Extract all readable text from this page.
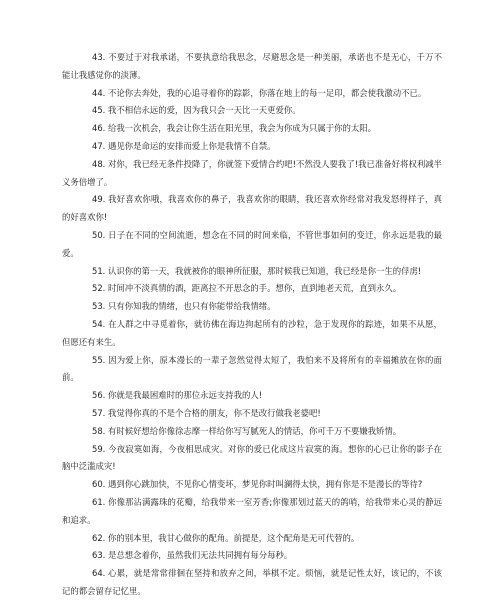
43. 不要过于对我承诺，不要执意给我思念，尽避思念是一种美丽，承诺也不是无心，千万不能让我感觉你的淡薄。

44. 不论你去奔处，我的心追寻着你的踪影，你落在地上的每一足印，都会使我激动不已。

45. 我不相信永远的爱，因为我只会一天比一天更爱你。

46. 给我一次机会，我会让你生活在阳光里，我会为你成为只属于你的太阳。

47. 遇见你是命运的安排而爱上你是我情不自禁。

48. 对你，我已经无条件投降了，你就签下爱情合约吧!不然没人要我了!我已准备好将权利减半义务倍增了。

49. 我好喜欢你哦，我喜欢你的鼻子，我喜欢你的眼睛，我还喜欢你经常对我发怒得样子，真的好喜欢你!

50. 日子在不同的空间流逝，想念在不同的时间来临，不管世事如何的变迁，你永远是我的最爱。

51. 认识你的第一天，我就被你的眼神所征服，那时候我已知道，我已经是你一生的俘虏!

52. 时间冲不淡真情的酒，距离拉不开思念的手。想你，直到地老天荒，直到永久。

53. 只有你知我的情绪，也只有你能带给我情绪。

54. 在人群之中寻觅着你，就彷佛在海边拘起所有的沙粒，急于发现你的踪迹，如果不从愿，但愿还有来生。

55. 因为爱上你，原本漫长的一辈子忽然觉得太短了，我怕来不及将所有的幸福摊放在你的面前。

56. 你就是我最困难时的那位永远支持我的人!

57. 我觉得你真的不是个合格的朋友，你不是改行做我老婆吧!

58. 有时候好想给你像徐志摩一样给你写写腻死人的情话，你可千万不要嫌我矫情。

59. 今夜寂寞如海，今夜相思成灾。对你的爱已化成这片寂寞的海。想你的心已让你的影子在脑中泛滥成灾!

60. 遇到你心跳加快，不见你心情变坏，梦见你时叫澜得太快，拥有你是不是漫长的等待?

61. 你像那沾满露珠的花瓣，给我带来一室芳香;你像那划过蓝天的鸽哨，给我带来心灵的静远和追求。

62. 你的别本里，我甘心做你的配角。前提是，这个配角是无可代替的。

63. 是总想念着你，虽然我们无法共同拥有每分每秒。

64. 心累，就是常常徘徊在坚持和放弃之间，举棋不定。烦恼，就是记性太好，该记的，不该记的都会留存记忆里。
